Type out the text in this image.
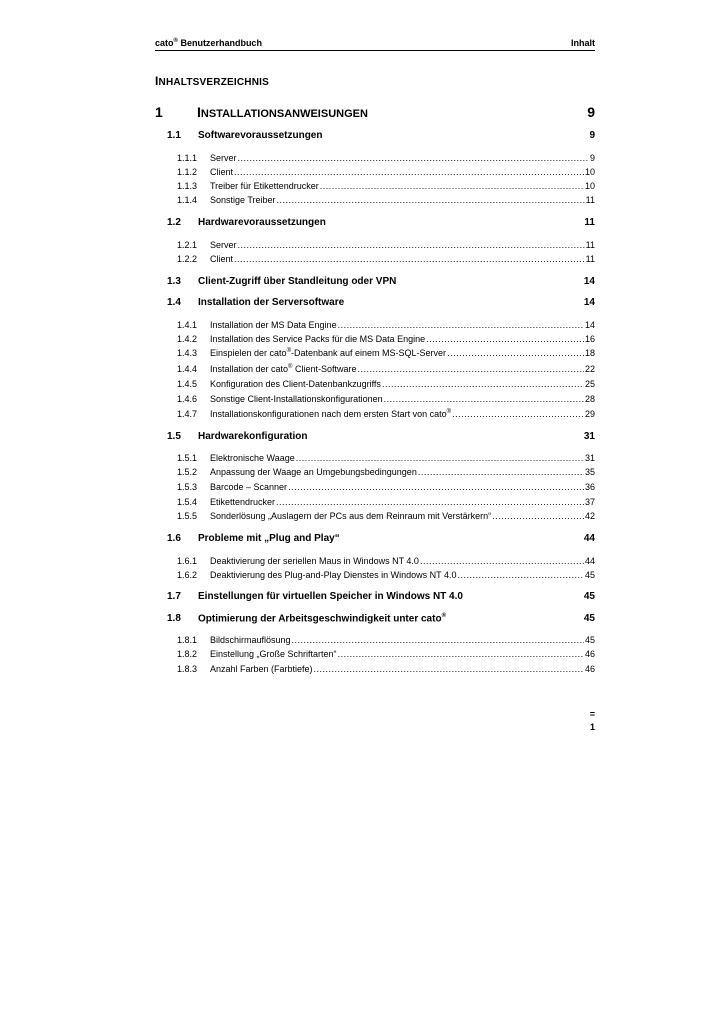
cato® Benutzerhandbuch	Inhalt
INHALTSVERZEICHNIS
1	INSTALLATIONSANWEISUNGEN	9
1.1	Softwarevoraussetzungen	9
1.1.1	Server .....	9
1.1.2	Client .....	10
1.1.3	Treiber für Etikettendrucker .....	10
1.1.4	Sonstige Treiber .....	11
1.2	Hardwarevoraussetzungen	11
1.2.1	Server .....	11
1.2.2	Client .....	11
1.3	Client-Zugriff über Standleitung oder VPN	14
1.4	Installation der Serversoftware	14
1.4.1	Installation der MS Data Engine .....	14
1.4.2	Installation des Service Packs für die MS Data Engine .....	16
1.4.3	Einspielen der cato®-Datenbank auf einem MS-SQL-Server .....	18
1.4.4	Installation der cato® Client-Software .....	22
1.4.5	Konfiguration des Client-Datenbankzugriffs .....	25
1.4.6	Sonstige Client-Installationskonfigurationen .....	28
1.4.7	Installationskonfigurationen nach dem ersten Start von cato® .....	29
1.5	Hardwarekonfiguration	31
1.5.1	Elektronische Waage .....	31
1.5.2	Anpassung der Waage an Umgebungsbedingungen .....	35
1.5.3	Barcode – Scanner .....	36
1.5.4	Etikettendrucker .....	37
1.5.5	Sonderlösung „Auslagern der PCs aus dem Reinraum mit Verstärkern“ .....	42
1.6	Probleme mit „Plug and Play“	44
1.6.1	Deaktivierung der seriellen Maus in Windows NT 4.0 .....	44
1.6.2	Deaktivierung des Plug-and-Play Dienstes in Windows NT 4.0 .....	45
1.7	Einstellungen für virtuellen Speicher in Windows NT 4.0	45
1.8	Optimierung der Arbeitsgeschwindigkeit unter cato®	45
1.8.1	Bildschirmauflösung .....	45
1.8.2	Einstellung „Große Schriftarten“ .....	46
1.8.3	Anzahl Farben (Farbtiefe) .....	46
=
1
